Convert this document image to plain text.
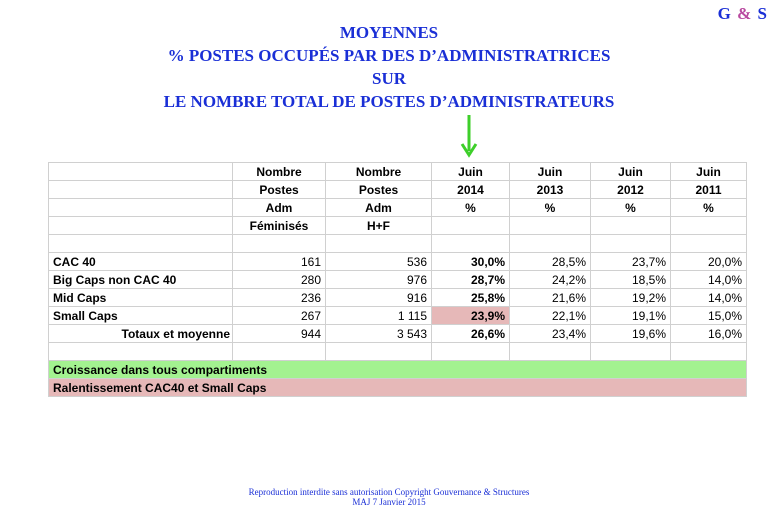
G & S
MOYENNES
% POSTES OCCUPÉS PAR DES D’ADMINISTRATRICES
SUR
LE NOMBRE TOTAL DE POSTES D’ADMINISTRATEURS
	Nombre	Nombre	Juin	Juin	Juin	Juin
	Postes	Postes	2014	2013	2012	2011
	Adm	Adm	%	%	%	%
	Féminisés	H+F				

CAC 40	161	536	30,0%	28,5%	23,7%	20,0%
Big Caps non CAC 40	280	976	28,7%	24,2%	18,5%	14,0%
Mid Caps	236	916	25,8%	21,6%	19,2%	14,0%
Small Caps	267	1 115	23,9%	22,1%	19,1%	15,0%
Totaux et moyenne	944	3 543	26,6%	23,4%	19,6%	16,0%

Croissance dans tous compartiments						
Ralentissement CAC40 et Small Caps						
Reproduction interdite sans autorisation Copyright Gouvernance & Structures
MAJ 7 Janvier 2015
